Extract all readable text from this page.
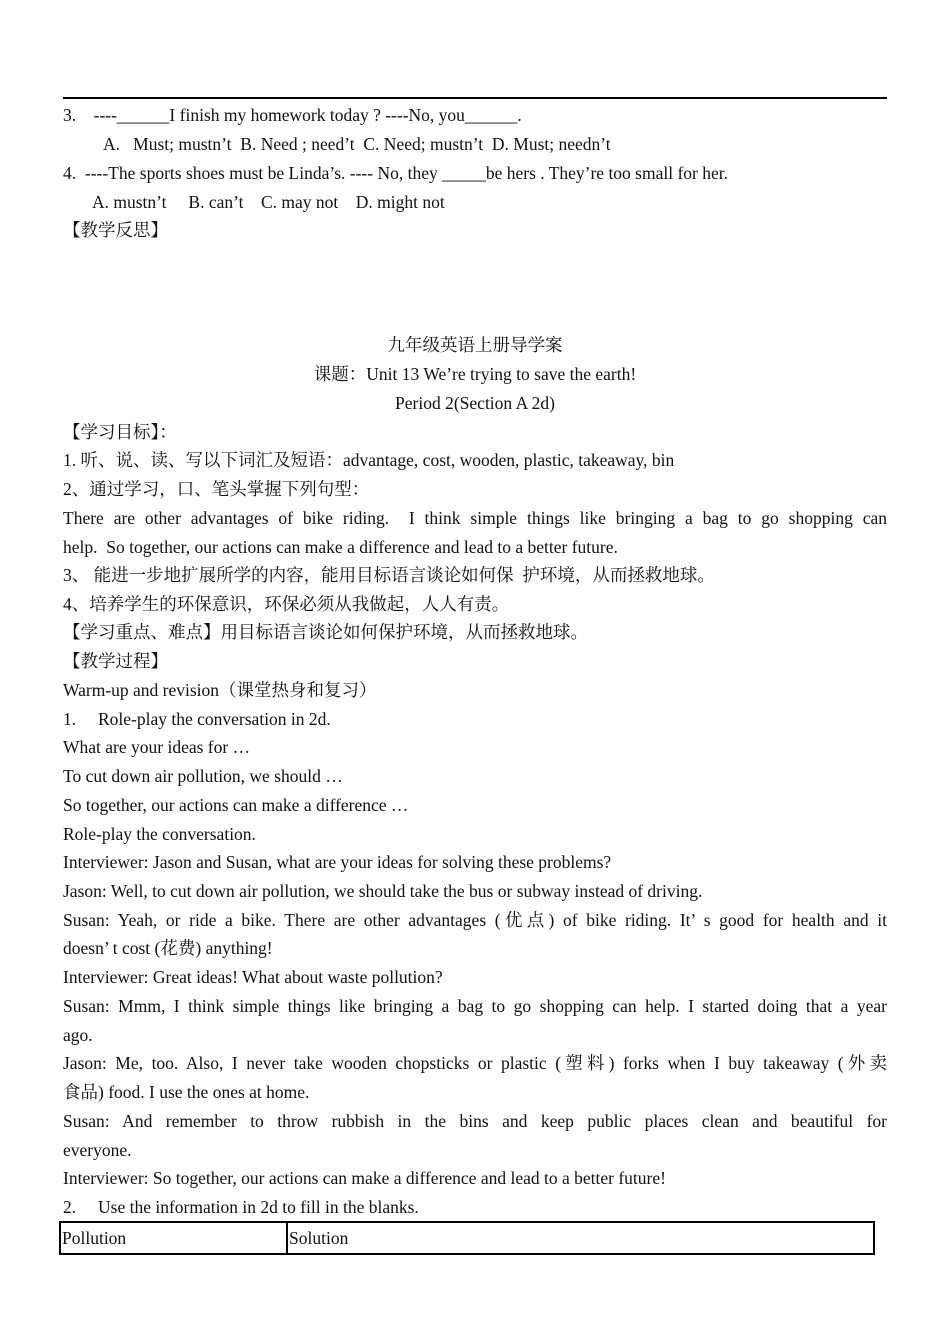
3.    ----______I finish my homework today ? ----No, you______.
A.   Must; mustn’t  B. Need ; need’t  C. Need; mustn’t  D. Must; needn’t
4.  ----The sports shoes must be Linda’s. ---- No, they _____be hers . They’re too small for her.
A. mustn’t     B. can’t    C. may not    D. might not
【教学反思】
九年级英语上册导学案
课题：Unit 13 We’re trying to save the earth!
Period 2(Section A 2d)
【学习目标】：
1. 听、说、读、写以下词汇及短语：advantage, cost, wooden, plastic, takeaway, bin
2、通过学习，口、笔头掌握下列句型：
There are other advantages of bike riding.  I think simple things like bringing a bag to go shopping can
help.  So together, our actions can make a difference and lead to a better future.
3、 能进一步地扩展所学的内容，能用目标语言谈论如何保  护环境，从而拯救地球。
4、培养学生的环保意识，环保必须从我做起，人人有责。
【学习重点、难点】用目标语言谈论如何保护环境，从而拯救地球。
【教学过程】
Warm-up and revision（课堂热身和复习）
1.     Role-play the conversation in 2d.
What are your ideas for …
To cut down air pollution, we should …
So together, our actions can make a difference …
Role-play the conversation.
Interviewer: Jason and Susan, what are your ideas for solving these problems?
Jason: Well, to cut down air pollution, we should take the bus or subway instead of driving.
Susan: Yeah, or ride a bike. There are other advantages (优点) of bike riding. It’ s good for health and it
doesn’ t cost (花费) anything!
Interviewer: Great ideas! What about waste pollution?
Susan: Mmm, I think simple things like bringing a bag to go shopping can help. I started doing that a year
ago.
Jason: Me, too. Also, I never take wooden chopsticks or plastic (塑料) forks when I buy takeaway (外卖
食品) food. I use the ones at home.
Susan: And remember to throw rubbish in the bins and keep public places clean and beautiful for
everyone.
Interviewer: So together, our actions can make a difference and lead to a better future!
2.     Use the information in 2d to fill in the blanks.
Pollution	Solution
